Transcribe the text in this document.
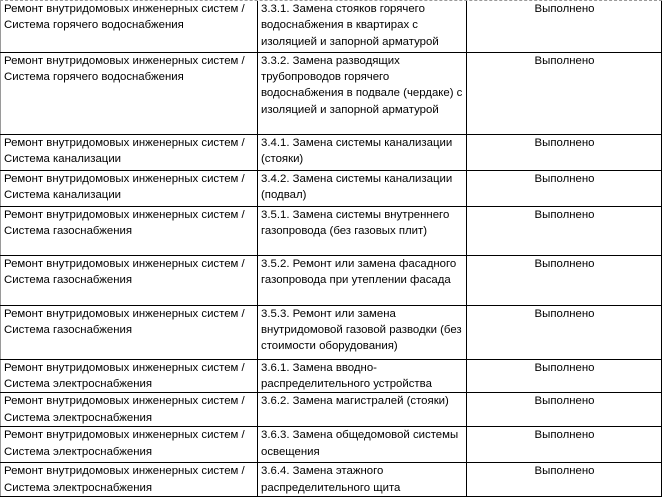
Ремонт внутридомовых инженерных систем / Система горячего водоснабжения	3.3.1. Замена стояков горячего водоснабжения в квартирах с изоляцией и запорной арматурой	Выполнено
Ремонт внутридомовых инженерных систем / Система горячего водоснабжения	3.3.2. Замена разводящих трубопроводов горячего водоснабжения в подвале (чердаке) с изоляцией и запорной арматурой	Выполнено
Ремонт внутридомовых инженерных систем / Система канализации	3.4.1. Замена системы канализации (стояки)	Выполнено
Ремонт внутридомовых инженерных систем / Система канализации	3.4.2. Замена системы канализации (подвал)	Выполнено
Ремонт внутридомовых инженерных систем / Система газоснабжения	3.5.1. Замена системы внутреннего газопровода (без газовых плит)	Выполнено
Ремонт внутридомовых инженерных систем / Система газоснабжения	3.5.2. Ремонт или замена фасадного газопровода при утеплении фасада	Выполнено
Ремонт внутридомовых инженерных систем / Система газоснабжения	3.5.3. Ремонт или замена внутридомовой газовой разводки (без стоимости оборудования)	Выполнено
Ремонт внутридомовых инженерных систем / Система электроснабжения	3.6.1. Замена вводно-распределительного устройства	Выполнено
Ремонт внутридомовых инженерных систем / Система электроснабжения	3.6.2. Замена магистралей (стояки)	Выполнено
Ремонт внутридомовых инженерных систем / Система электроснабжения	3.6.3. Замена общедомовой системы освещения	Выполнено
Ремонт внутридомовых инженерных систем / Система электроснабжения	3.6.4. Замена этажного распределительного щита	Выполнено
